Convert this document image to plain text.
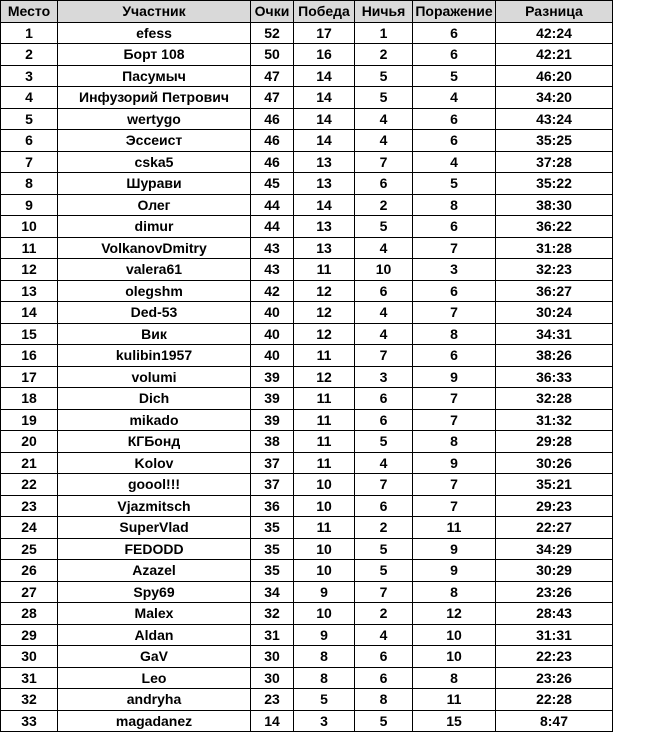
Место	Участник	Очки	Победа	Ничья	Поражение	Разница
1	efess	52	17	1	6	42:24
2	Борт 108	50	16	2	6	42:21
3	Пасумыч	47	14	5	5	46:20
4	Инфузорий Петрович	47	14	5	4	34:20
5	wertygo	46	14	4	6	43:24
6	Эссеист	46	14	4	6	35:25
7	cska5	46	13	7	4	37:28
8	Шурави	45	13	6	5	35:22
9	Олег	44	14	2	8	38:30
10	dimur	44	13	5	6	36:22
11	VolkanovDmitry	43	13	4	7	31:28
12	valera61	43	11	10	3	32:23
13	olegshm	42	12	6	6	36:27
14	Ded-53	40	12	4	7	30:24
15	Вик	40	12	4	8	34:31
16	kulibin1957	40	11	7	6	38:26
17	volumi	39	12	3	9	36:33
18	Dich	39	11	6	7	32:28
19	mikado	39	11	6	7	31:32
20	КГБонд	38	11	5	8	29:28
21	Kolov	37	11	4	9	30:26
22	goool!!!	37	10	7	7	35:21
23	Vjazmitsch	36	10	6	7	29:23
24	SuperVlad	35	11	2	11	22:27
25	FEDODD	35	10	5	9	34:29
26	Azazel	35	10	5	9	30:29
27	Spy69	34	9	7	8	23:26
28	Malex	32	10	2	12	28:43
29	Aldan	31	9	4	10	31:31
30	GaV	30	8	6	10	22:23
31	Leo	30	8	6	8	23:26
32	andryha	23	5	8	11	22:28
33	magadanez	14	3	5	15	8:47
